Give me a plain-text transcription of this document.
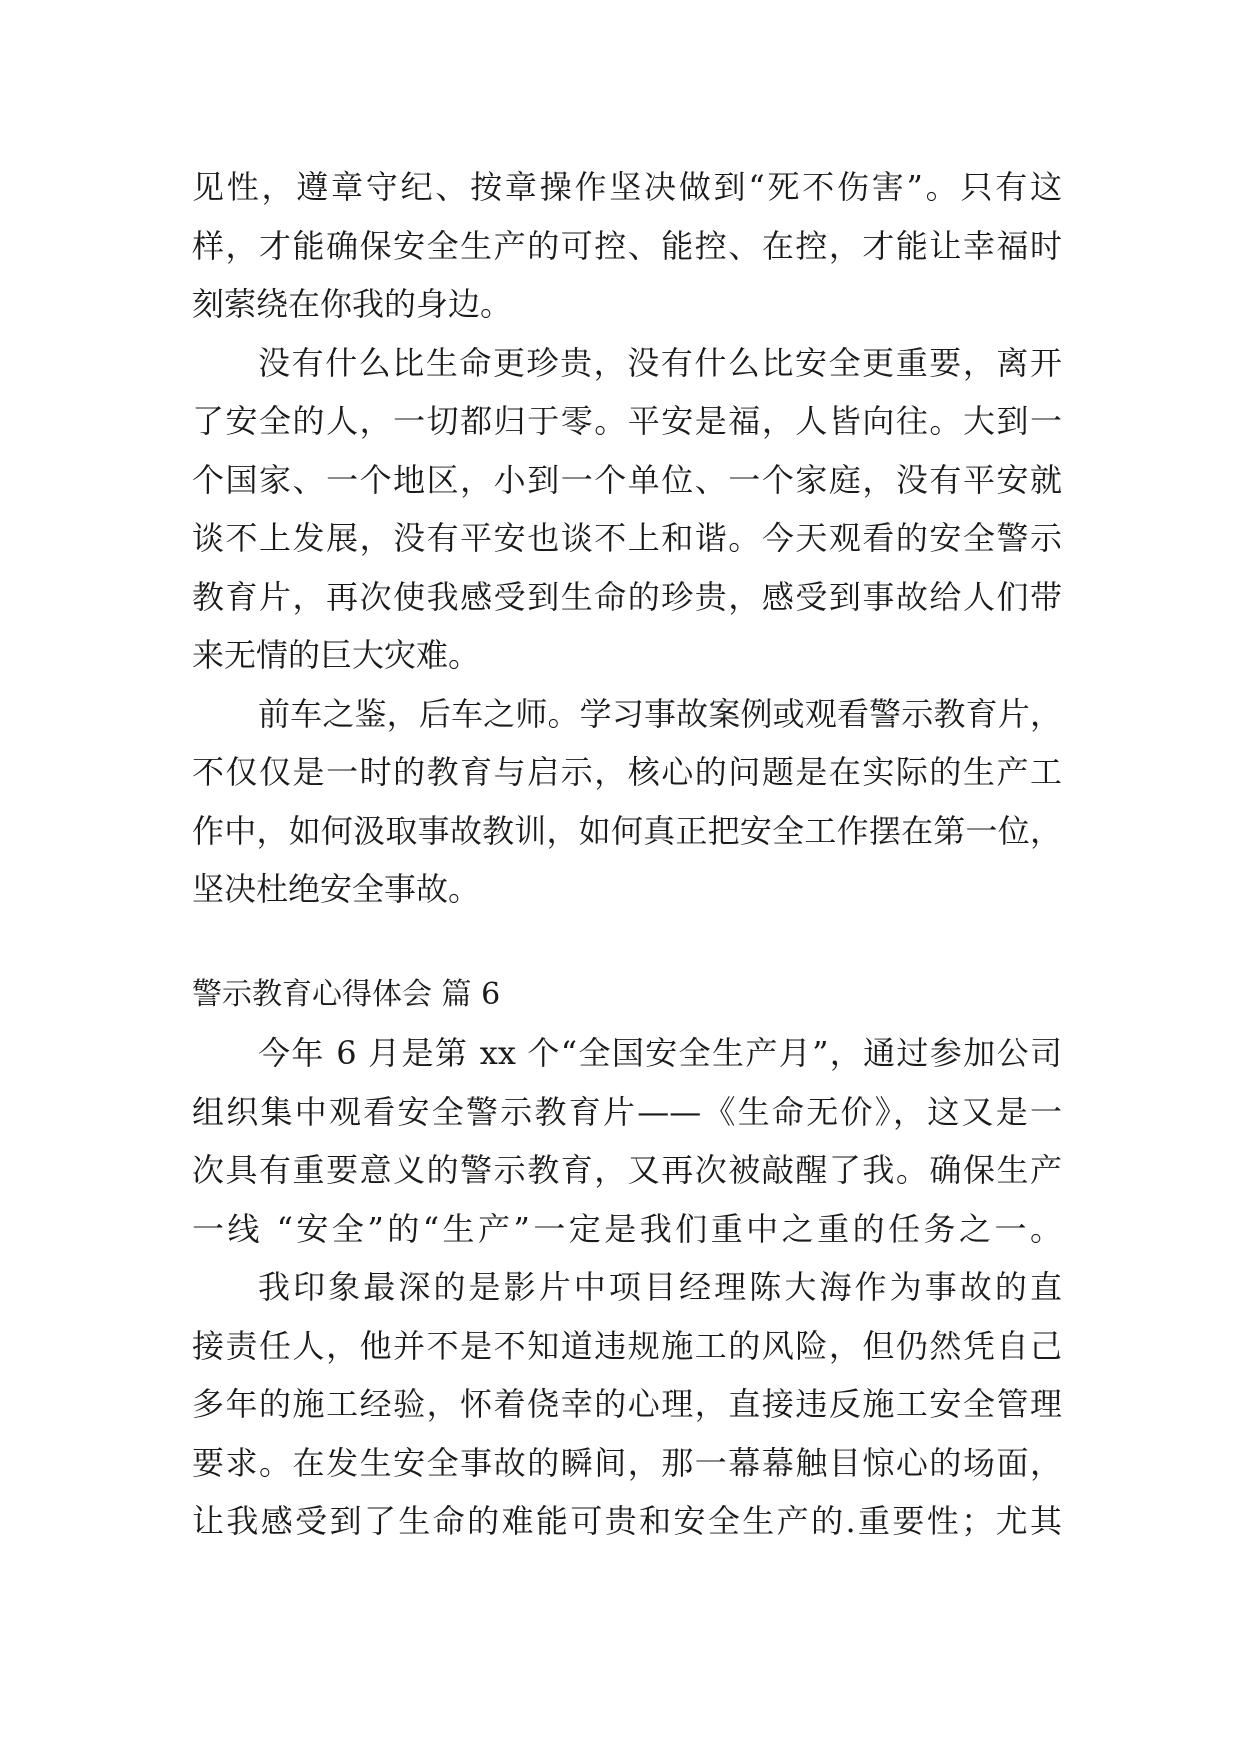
见性，遵章守纪、按章操作坚决做到“死不伤害”。只有这
样，才能确保安全生产的可控、能控、在控，才能让幸福时
刻萦绕在你我的身边。
没有什么比生命更珍贵，没有什么比安全更重要，离开
了安全的人，一切都归于零。平安是福，人皆向往。大到一
个国家、一个地区，小到一个单位、一个家庭，没有平安就
谈不上发展，没有平安也谈不上和谐。今天观看的安全警示
教育片，再次使我感受到生命的珍贵，感受到事故给人们带
来无情的巨大灾难。
前车之鉴，后车之师。学习事故案例或观看警示教育片，
不仅仅是一时的教育与启示，核心的问题是在实际的生产工
作中，如何汲取事故教训，如何真正把安全工作摆在第一位，
坚决杜绝安全事故。
警示教育心得体会 篇 6
今年 6 月是第 xx 个“全国安全生产月”，通过参加公司
组织集中观看安全警示教育片——《生命无价》，这又是一
次具有重要意义的警示教育，又再次被敲醒了我。确保生产
一线 “安全”的“生产”一定是我们重中之重的任务之一。
我印象最深的是影片中项目经理陈大海作为事故的直
接责任人，他并不是不知道违规施工的风险，但仍然凭自己
多年的施工经验，怀着侥幸的心理，直接违反施工安全管理
要求。在发生安全事故的瞬间，那一幕幕触目惊心的场面，
让我感受到了生命的难能可贵和安全生产的.重要性；尤其
